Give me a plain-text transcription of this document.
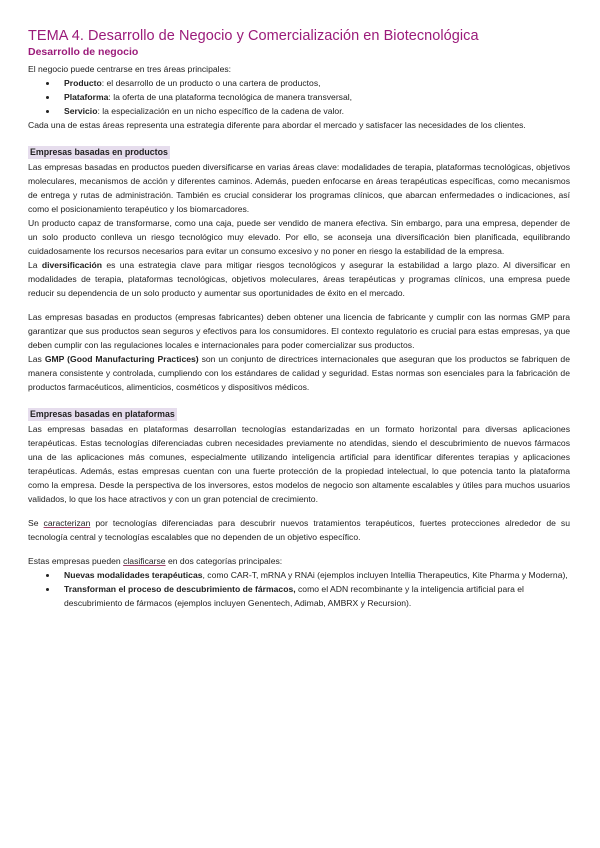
TEMA 4. Desarrollo de Negocio y Comercialización en Biotecnológica
Desarrollo de negocio

El negocio puede centrarse en tres áreas principales:

• Producto: el desarrollo de un producto o una cartera de productos,
• Plataforma: la oferta de una plataforma tecnológica de manera transversal,
• Servicio: la especialización en un nicho específico de la cadena de valor.

Cada una de estas áreas representa una estrategia diferente para abordar el mercado y satisfacer las necesidades de los clientes.

Empresas basadas en productos

Las empresas basadas en productos pueden diversificarse en varias áreas clave: modalidades de terapia, plataformas tecnológicas, objetivos moleculares, mecanismos de acción y diferentes caminos. Además, pueden enfocarse en áreas terapéuticas específicas, como mecanismos de entrega y rutas de administración. También es crucial considerar los programas clínicos, que abarcan enfermedades o indicaciones, así como el posicionamiento terapéutico y los biomarcadores.

Un producto capaz de transformarse, como una caja, puede ser vendido de manera efectiva. Sin embargo, para una empresa, depender de un solo producto conlleva un riesgo tecnológico muy elevado. Por ello, se aconseja una diversificación bien planificada, equilibrando cuidadosamente los recursos necesarios para evitar un consumo excesivo y no poner en riesgo la estabilidad de la empresa.

La diversificación es una estrategia clave para mitigar riesgos tecnológicos y asegurar la estabilidad a largo plazo. Al diversificar en modalidades de terapia, plataformas tecnológicas, objetivos moleculares, áreas terapéuticas y programas clínicos, una empresa puede reducir su dependencia de un solo producto y aumentar sus oportunidades de éxito en el mercado.

Las empresas basadas en productos (empresas fabricantes) deben obtener una licencia de fabricante y cumplir con las normas GMP para garantizar que sus productos sean seguros y efectivos para los consumidores. El contexto regulatorio es crucial para estas empresas, ya que deben cumplir con las regulaciones locales e internacionales para poder comercializar sus productos.

Las GMP (Good Manufacturing Practices) son un conjunto de directrices internacionales que aseguran que los productos se fabriquen de manera consistente y controlada, cumpliendo con los estándares de calidad y seguridad. Estas normas son esenciales para la fabricación de productos farmacéuticos, alimenticios, cosméticos y dispositivos médicos.

Empresas basadas en plataformas

Las empresas basadas en plataformas desarrollan tecnologías estandarizadas en un formato horizontal para diversas aplicaciones terapéuticas. Estas tecnologías diferenciadas cubren necesidades previamente no atendidas, siendo el descubrimiento de nuevos fármacos una de las aplicaciones más comunes, especialmente utilizando inteligencia artificial para identificar diferentes terapias y aplicaciones terapéuticas. Además, estas empresas cuentan con una fuerte protección de la propiedad intelectual, lo que potencia tanto la plataforma como la empresa. Desde la perspectiva de los inversores, estos modelos de negocio son altamente escalables y útiles para muchos usuarios validados, lo que los hace atractivos y con un gran potencial de crecimiento.

Se caracterizan por tecnologías diferenciadas para descubrir nuevos tratamientos terapéuticos, fuertes protecciones alrededor de su tecnología central y tecnologías escalables que no dependen de un objetivo específico.

Estas empresas pueden clasificarse en dos categorías principales:

• Nuevas modalidades terapéuticas, como CAR-T, mRNA y RNAi (ejemplos incluyen Intellia Therapeutics, Kite Pharma y Moderna),
• Transforman el proceso de descubrimiento de fármacos, como el ADN recombinante y la inteligencia artificial para el descubrimiento de fármacos (ejemplos incluyen Genentech, Adimab, AMBRX y Recursion).
